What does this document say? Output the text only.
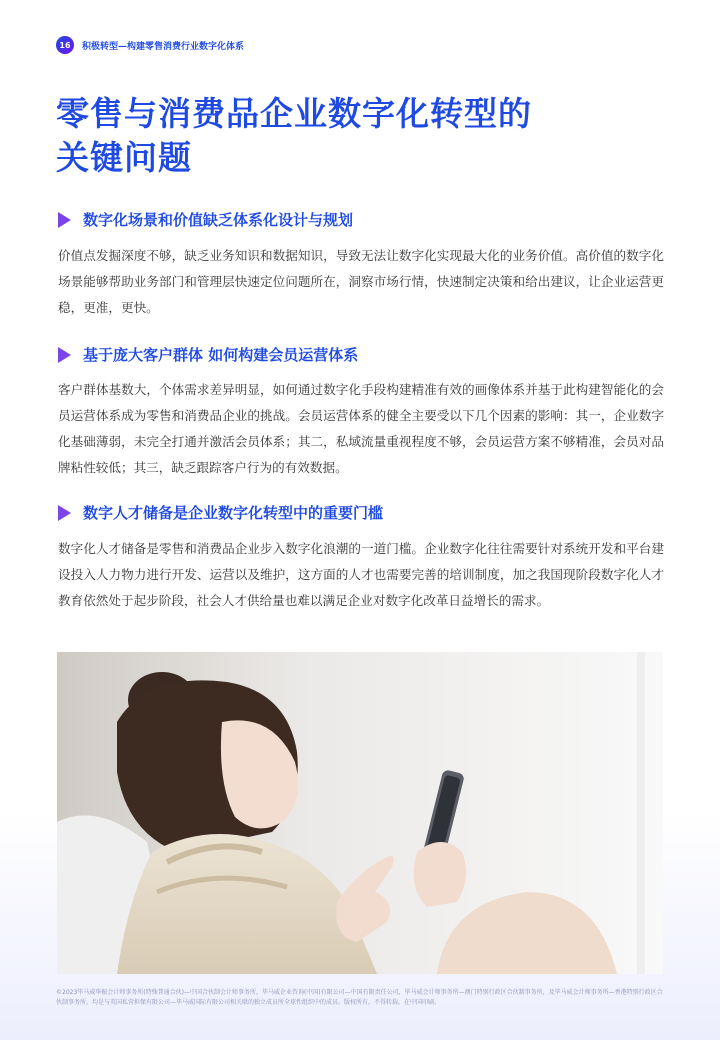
16	积极转型—构建零售消费行业数字化体系
零售与消费品企业数字化转型的
关键问题
数字化场景和价值缺乏体系化设计与规划

价值点发掘深度不够，缺乏业务知识和数据知识，导致无法让数字化实现最大化的业务价值。高价值的数字化场景能够帮助业务部门和管理层快速定位问题所在，洞察市场行情，快速制定决策和给出建议，让企业运营更稳，更准，更快。

基于庞大客户群体 如何构建会员运营体系

客户群体基数大，个体需求差异明显，如何通过数字化手段构建精准有效的画像体系并基于此构建智能化的会员运营体系成为零售和消费品企业的挑战。会员运营体系的健全主要受以下几个因素的影响：其一，企业数字化基础薄弱，未完全打通并激活会员体系；其二，私域流量重视程度不够，会员运营方案不够精准，会员对品牌粘性较低；其三，缺乏跟踪客户行为的有效数据。

数字人才储备是企业数字化转型中的重要门槛

数字化人才储备是零售和消费品企业步入数字化浪潮的一道门槛。企业数字化往往需要针对系统开发和平台建设投入人力物力进行开发、运营以及维护，这方面的人才也需要完善的培训制度，加之我国现阶段数字化人才教育依然处于起步阶段，社会人才供给量也难以满足企业对数字化改革日益增长的需求。

©2023毕马威华振会计师事务所(特殊普通合伙)—中国合伙制会计师事务所，毕马威企业咨询(中国)有限公司—中国有限责任公司，毕马威会计师事务所—澳门特别行政区合伙制事务所，及毕马威会计师事务所—香港特别行政区合伙制事务所，均是与英国私营担保有限公司—毕马威国际有限公司相关联的独立成员所全球性组织中的成员。版权所有，不得转载。在中国印刷。
